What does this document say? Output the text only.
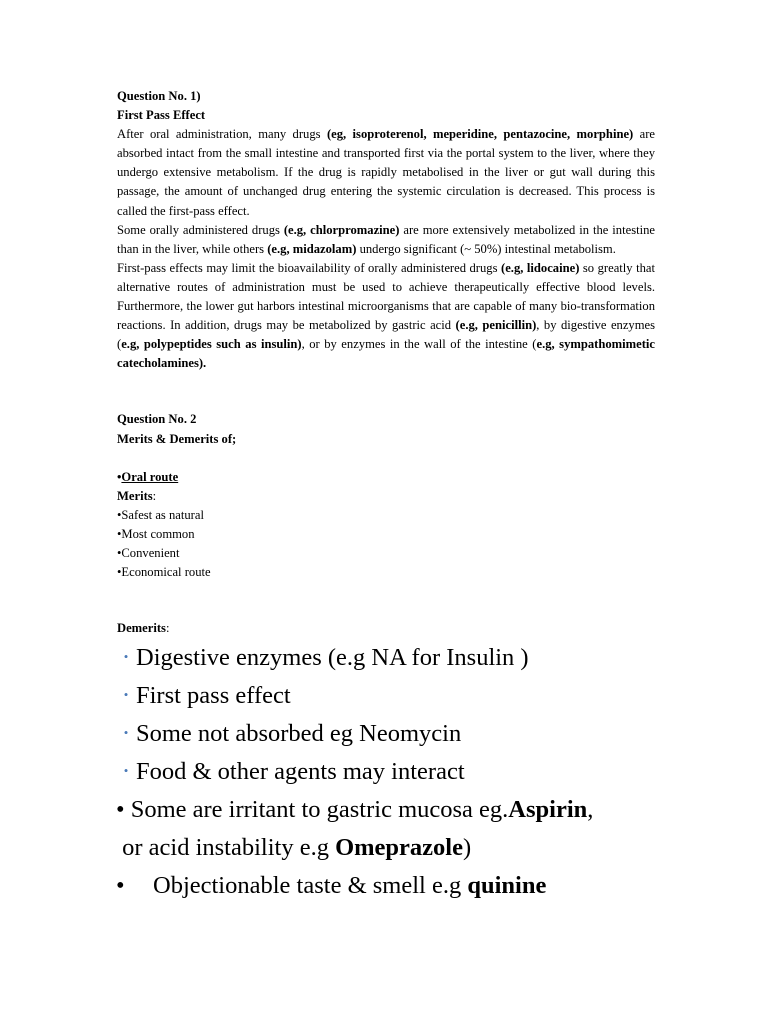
Question No. 1)
First Pass Effect
After oral administration, many drugs (eg, isoproterenol, meperidine, pentazocine, morphine) are absorbed intact from the small intestine and transported first via the portal system to the liver, where they undergo extensive metabolism. If the drug is rapidly metabolised in the liver or gut wall during this passage, the amount of unchanged drug entering the systemic circulation is decreased. This process is called the first-pass effect.
Some orally administered drugs (e.g, chlorpromazine) are more extensively metabolized in the intestine than in the liver, while others (e.g, midazolam) undergo significant (~ 50%) intestinal metabolism.
First-pass effects may limit the bioavailability of orally administered drugs (e.g, lidocaine) so greatly that alternative routes of administration must be used to achieve therapeutically effective blood levels. Furthermore, the lower gut harbors intestinal microorganisms that are capable of many bio-transformation reactions. In addition, drugs may be metabolized by gastric acid (e.g, penicillin), by digestive enzymes (e.g, polypeptides such as insulin), or by enzymes in the wall of the intestine (e.g, sympathomimetic catecholamines).
Question No. 2
Merits & Demerits of;
•Oral route
Merits:
•Safest as natural
•Most common
•Convenient
•Economical route
Demerits:
• Digestive enzymes (e.g NA for Insulin )
• First pass effect
• Some not absorbed eg Neomycin
• Food & other agents may interact
• Some are irritant to gastric mucosa eg.Aspirin,
or acid instability e.g Omeprazole)
• Objectionable taste & smell e.g quinine
